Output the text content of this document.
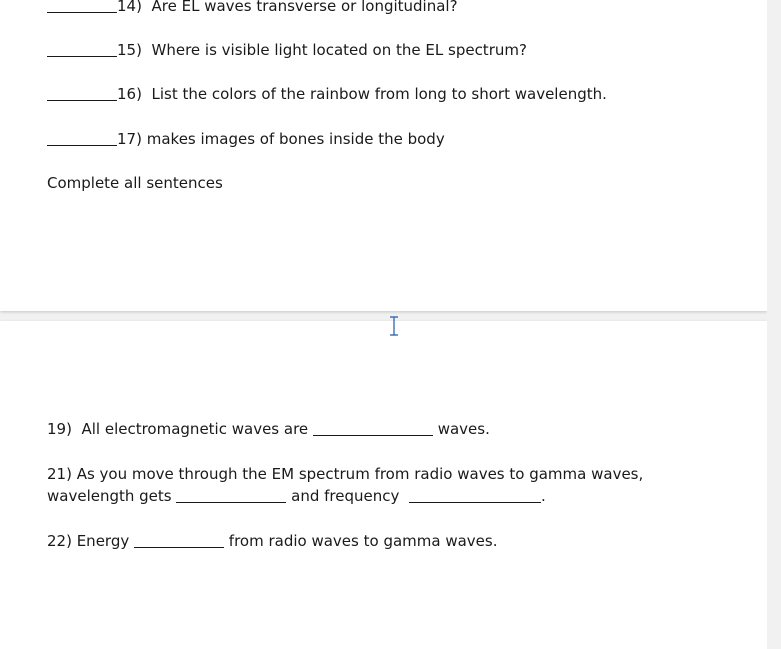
14) Are EL waves transverse or longitudinal?
15) Where is visible light located on the EL spectrum?
16) List the colors of the rainbow from long to short wavelength.
17) makes images of bones inside the body
Complete all sentences
19)  All electromagnetic waves are	waves.
21) As you move through the EM spectrum from radio waves to gamma waves,
wavelength gets	and frequency	.
22) Energy	from radio waves to gamma waves.
